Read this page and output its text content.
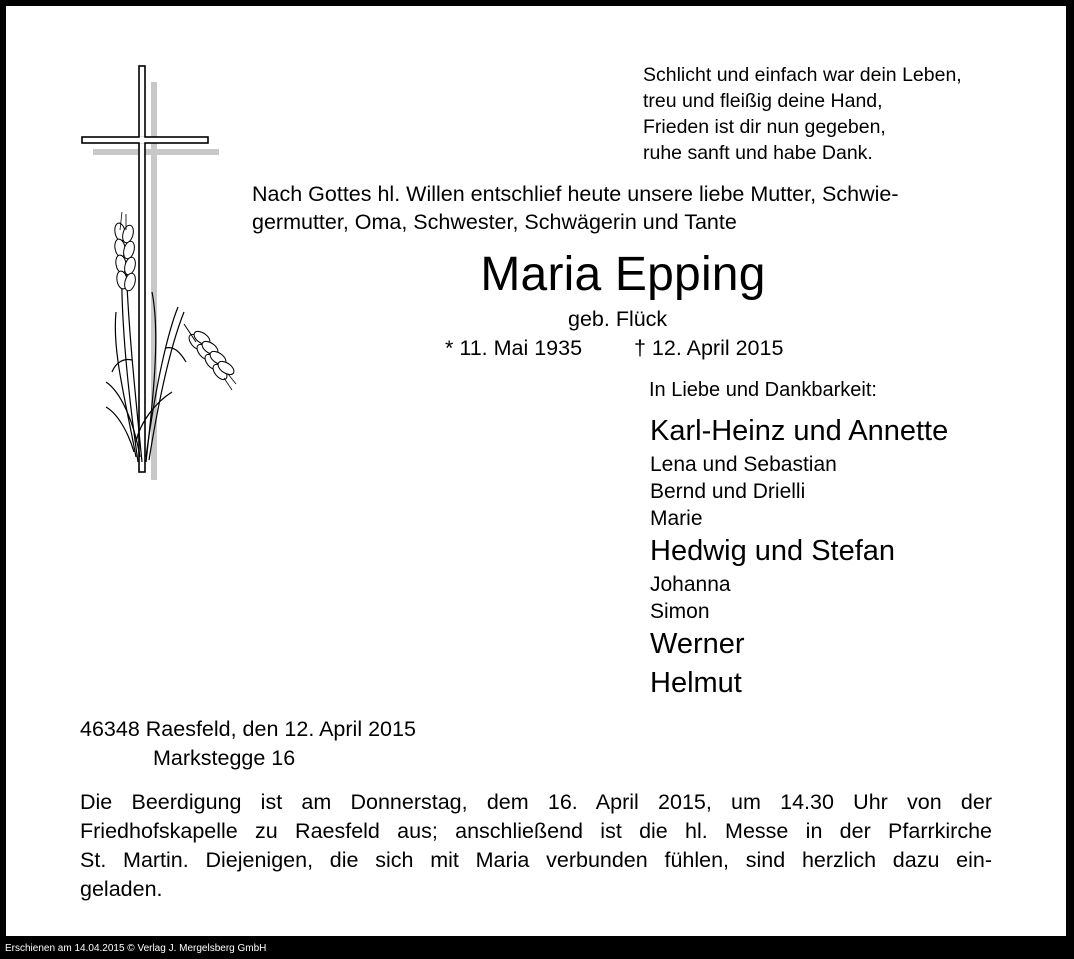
Schlicht und einfach war dein Leben,
treu und fleißig deine Hand,
Frieden ist dir nun gegeben,
ruhe sanft und habe Dank.
Nach Gottes hl. Willen entschlief heute unsere liebe Mutter, Schwie-
germutter, Oma, Schwester, Schwägerin und Tante
Maria Epping
geb. Flück
* 11. Mai 1935 † 12. April 2015
In Liebe und Dankbarkeit:
Karl-Heinz und Annette
Lena und Sebastian
Bernd und Drielli
Marie
Hedwig und Stefan
Johanna
Simon
Werner
Helmut
46348 Raesfeld, den 12. April 2015
Markstegge 16
Die Beerdigung ist am Donnerstag, dem 16. April 2015, um 14.30 Uhr von der
Friedhofskapelle zu Raesfeld aus; anschließend ist die hl. Messe in der Pfarrkirche
St. Martin. Diejenigen, die sich mit Maria verbunden fühlen, sind herzlich dazu ein-
geladen.
Erschienen am 14.04.2015 © Verlag J. Mergelsberg GmbH
